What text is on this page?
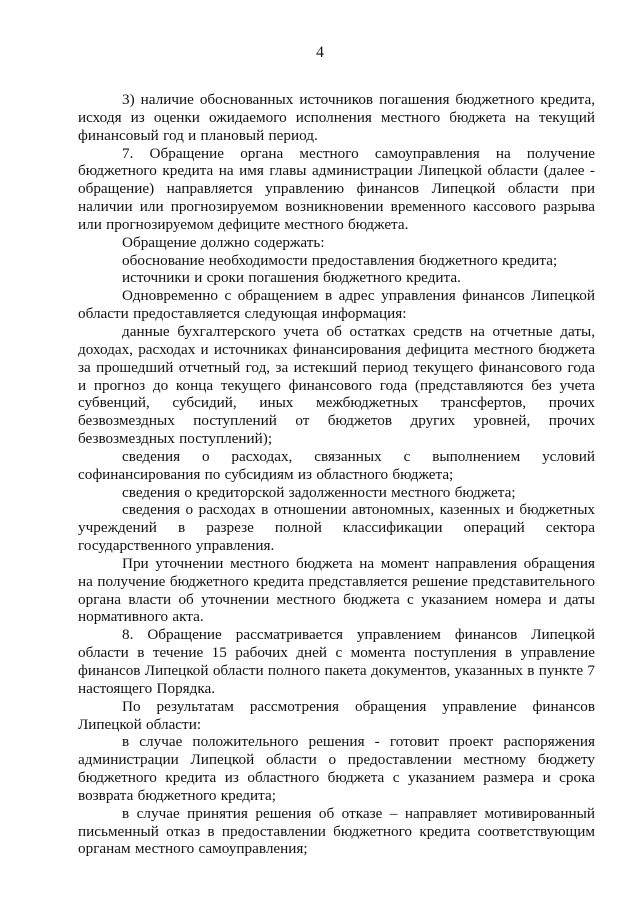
4

3) наличие обоснованных источников погашения бюджетного кредита, исходя из оценки ожидаемого исполнения местного бюджета на текущий финансовый год и плановый период.

7. Обращение органа местного самоуправления на получение бюджетного кредита на имя главы администрации Липецкой области (далее - обращение) направляется управлению финансов Липецкой области при наличии или прогнозируемом возникновении временного кассового разрыва или прогнозируемом дефиците местного бюджета.

Обращение должно содержать:

обоснование необходимости предоставления бюджетного кредита;

источники и сроки погашения бюджетного кредита.

Одновременно с обращением в адрес управления финансов Липецкой области предоставляется следующая информация:

данные бухгалтерского учета об остатках средств на отчетные даты, доходах, расходах и источниках финансирования дефицита местного бюджета за прошедший отчетный год, за истекший период текущего финансового года и прогноз до конца текущего финансового года (представляются без учета субвенций, субсидий, иных межбюджетных трансфертов, прочих безвозмездных поступлений от бюджетов других уровней, прочих безвозмездных поступлений);

сведения о расходах, связанных с выполнением условий софинансирования по субсидиям из областного бюджета;

сведения о кредиторской задолженности местного бюджета;

сведения о расходах в отношении автономных, казенных и бюджетных учреждений в разрезе полной классификации операций сектора государственного управления.

При уточнении местного бюджета на момент направления обращения на получение бюджетного кредита представляется решение представительного органа власти об уточнении местного бюджета с указанием номера и даты нормативного акта.

8. Обращение рассматривается управлением финансов Липецкой области в течение 15 рабочих дней с момента поступления в управление финансов Липецкой области полного пакета документов, указанных в пункте 7 настоящего Порядка.

По результатам рассмотрения обращения управление финансов Липецкой области:

в случае положительного решения - готовит проект распоряжения администрации Липецкой области о предоставлении местному бюджету бюджетного кредита из областного бюджета с указанием размера и срока возврата бюджетного кредита;

в случае принятия решения об отказе – направляет мотивированный письменный отказ в предоставлении бюджетного кредита соответствующим органам местного самоуправления;
